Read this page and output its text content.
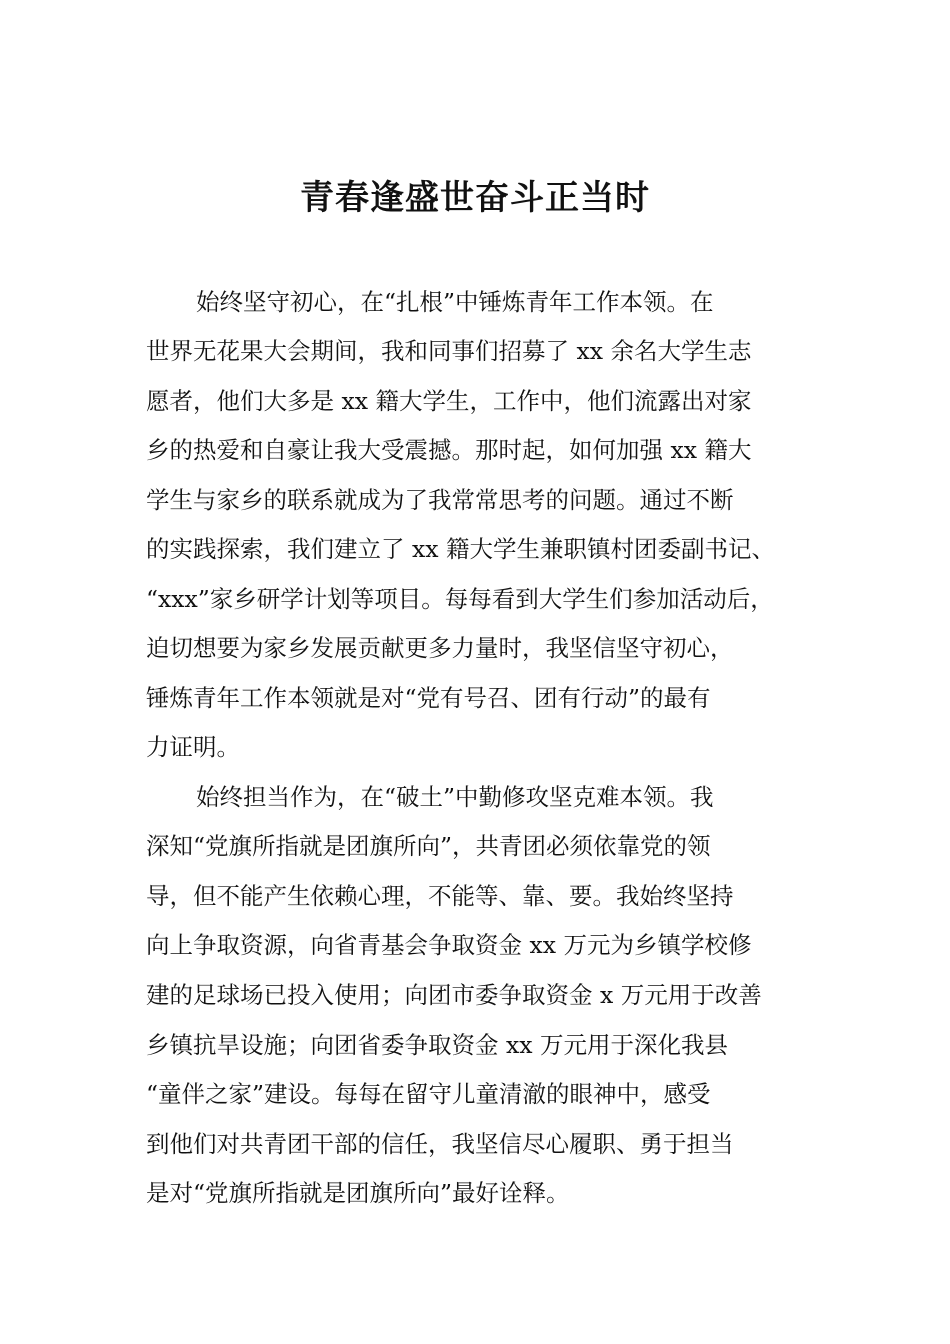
青春逢盛世奋斗正当时
始终坚守初心，在“扎根”中锤炼青年工作本领。在
世界无花果大会期间，我和同事们招募了 xx 余名大学生志
愿者，他们大多是 xx 籍大学生，工作中，他们流露出对家
乡的热爱和自豪让我大受震撼。那时起，如何加强 xx 籍大
学生与家乡的联系就成为了我常常思考的问题。通过不断
的实践探索，我们建立了 xx 籍大学生兼职镇村团委副书记、
“xxx”家乡研学计划等项目。每每看到大学生们参加活动后，
迫切想要为家乡发展贡献更多力量时，我坚信坚守初心，
锤炼青年工作本领就是对“党有号召、团有行动”的最有
力证明。
始终担当作为，在“破土”中勤修攻坚克难本领。我
深知“党旗所指就是团旗所向”，共青团必须依靠党的领
导，但不能产生依赖心理，不能等、靠、要。我始终坚持
向上争取资源，向省青基会争取资金 xx 万元为乡镇学校修
建的足球场已投入使用；向团市委争取资金 x 万元用于改善
乡镇抗旱设施；向团省委争取资金 xx 万元用于深化我县
“童伴之家”建设。每每在留守儿童清澈的眼神中，感受
到他们对共青团干部的信任，我坚信尽心履职、勇于担当
是对“党旗所指就是团旗所向”最好诠释。
